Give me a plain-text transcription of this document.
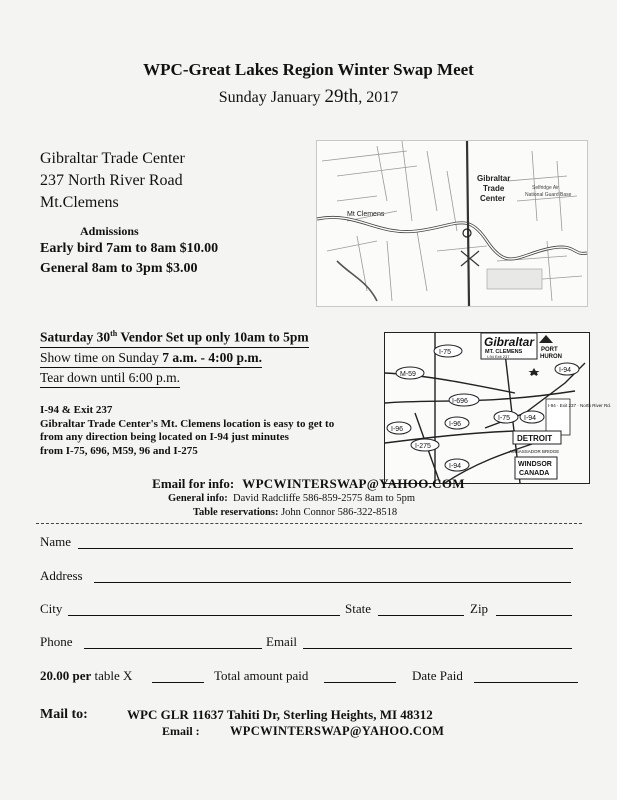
WPC-Great Lakes Region Winter Swap Meet
Sunday January 29th, 2017
Gibraltar Trade Center
237 North River Road
Mt.Clemens
Admissions
Early bird 7am to 8am $10.00
General 8am to 3pm $3.00
Gibraltar
Trade
Center
Mt Clemens
Selfridge Air
National Guard Base
Saturday 30th Vendor Set up only 10am to 5pm
Show time on Sunday 7 a.m. - 4:00 p.m.
Tear down until 6:00 p.m.
I-94 & Exit 237
Gibraltar Trade Center's Mt. Clemens location is easy to get to
from any direction being located on I-94 just minutes
from I-75, 696, M59, 96 and I-275
Gibraltar
MT. CLEMENS
I-94 Exit 237
PORT
HURON
I-75
I-94
M-59
I-696
I-75 I-94
I-94 · Exit 237 · North River Rd.
I-96
I-96
I-275
I-94
DETROIT
AMBASSADOR BRIDGE
WINDSOR
CANADA
Email for info: WPCWINTERSWAP@YAHOO.COM
General info: David Radcliffe 586-859-2575 8am to 5pm
Table reservations: John Connor 586-322-8518
Name
Address
City	State	Zip
Phone	Email
20.00 per table X	Total amount paid	Date Paid
Mail to:	WPC GLR 11637 Tahiti Dr, Sterling Heights, MI 48312
Email : WPCWINTERSWAP@YAHOO.COM
